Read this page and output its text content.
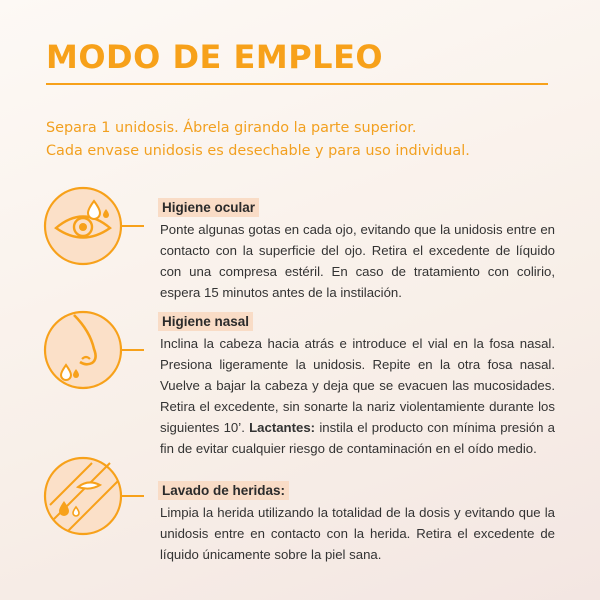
MODO DE EMPLEO

Separa 1 unidosis. Ábrela girando la parte superior.

Cada envase unidosis es desechable y para uso individual.

Higiene ocular

Ponte algunas gotas en cada ojo, evitando que la unidosis entre en contacto con la superficie del ojo. Retira el excedente de líquido con una compresa estéril. En caso de tratamiento con colirio, espera 15 minutos antes de la instilación.

Higiene nasal

Inclina la cabeza hacia atrás e introduce el vial en la fosa nasal. Presiona ligeramente la unidosis. Repite en la otra fosa nasal. Vuelve a bajar la cabeza y deja que se evacuen las mucosidades. Retira el excedente, sin sonarte la nariz violentamiente durante los siguientes 10’. Lactantes: instila el producto con mínima presión a fin de evitar cualquier riesgo de contaminación en el oído medio.

Lavado de heridas:

Limpia la herida utilizando la totalidad de la dosis y evitando que la unidosis entre en contacto con la herida. Retira el excedente de líquido únicamente sobre la piel sana.
